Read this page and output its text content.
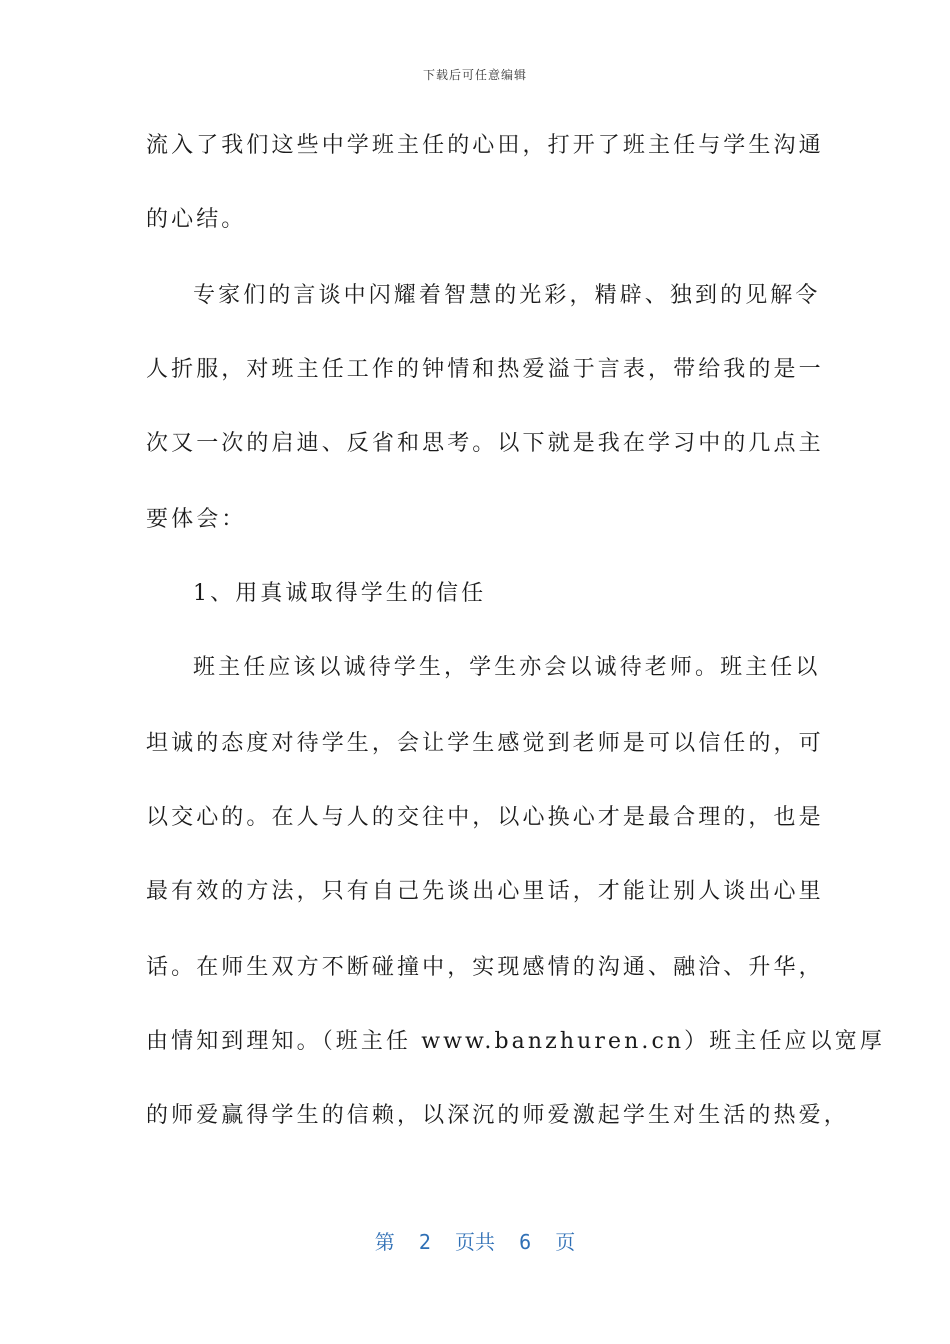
下载后可任意编辑
流入了我们这些中学班主任的心田，打开了班主任与学生沟通
的心结。
专家们的言谈中闪耀着智慧的光彩，精辟、独到的见解令
人折服，对班主任工作的钟情和热爱溢于言表，带给我的是一
次又一次的启迪、反省和思考。以下就是我在学习中的几点主
要体会：
1、用真诚取得学生的信任
班主任应该以诚待学生，学生亦会以诚待老师。班主任以
坦诚的态度对待学生，会让学生感觉到老师是可以信任的，可
以交心的。在人与人的交往中，以心换心才是最合理的，也是
最有效的方法，只有自己先谈出心里话，才能让别人谈出心里
话。在师生双方不断碰撞中，实现感情的沟通、融洽、升华，
由情知到理知。（班主任 www.banzhuren.cn）班主任应以宽厚
的师爱赢得学生的信赖，以深沉的师爱激起学生对生活的热爱，
第  2  页共  6  页
